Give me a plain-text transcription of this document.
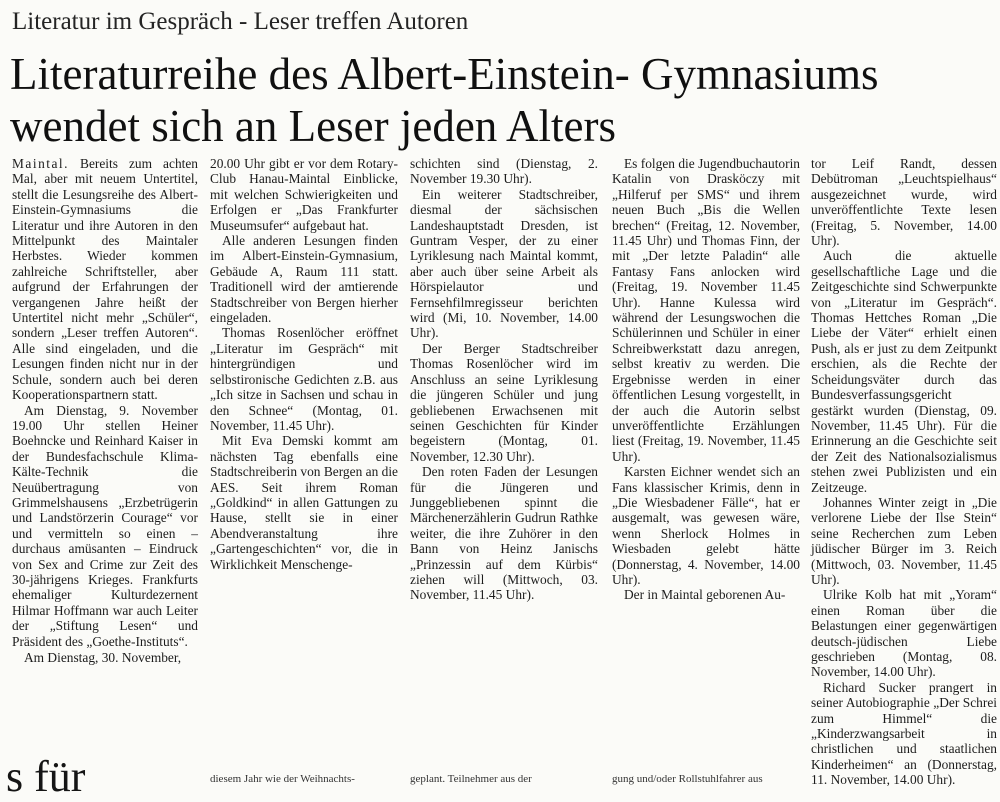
Literatur im Gespräch - Leser treffen Autoren
Literaturreihe des Albert-Einstein- Gymnasiums wendet sich an Leser jeden Alters

Maintal. Bereits zum achten Mal, aber mit neuem Untertitel, stellt die Lesungsreihe des Albert-Einstein-Gymnasiums die Literatur und ihre Autoren in den Mittelpunkt des Maintaler Herbstes. Wieder kommen zahlreiche Schriftsteller, aber aufgrund der Erfahrungen der vergangenen Jahre heißt der Untertitel nicht mehr „Schüler“, sondern „Leser treffen Autoren“. Alle sind eingeladen, und die Lesungen finden nicht nur in der Schule, sondern auch bei deren Kooperationspartnern statt.

Am Dienstag, 9. November 19.00 Uhr stellen Heiner Boehncke und Reinhard Kaiser in der Bundesfachschule Klima-Kälte-Technik die Neuübertragung von Grimmelshausens „Erzbetrügerin und Landstörzerin Courage“ vor und vermitteln so einen – durchaus amüsanten – Eindruck von Sex and Crime zur Zeit des 30-jährigens Krieges. Frankfurts ehemaliger Kulturdezernent Hilmar Hoffmann war auch Leiter der „Stiftung Lesen“ und Präsident des „Goethe-Instituts“.

Am Dienstag, 30. November,

20.00 Uhr gibt er vor dem Rotary-Club Hanau-Maintal Einblicke, mit welchen Schwierigkeiten und Erfolgen er „Das Frankfurter Museumsufer“ aufgebaut hat.

Alle anderen Lesungen finden im Albert-Einstein-Gymnasium, Gebäude A, Raum 111 statt. Traditionell wird der amtierende Stadtschreiber von Bergen hierher eingeladen.

Thomas Rosenlöcher eröffnet „Literatur im Gespräch“ mit hintergründigen und selbstironische Gedichten z.B. aus „Ich sitze in Sachsen und schau in den Schnee“ (Montag, 01. November, 11.45 Uhr).

Mit Eva Demski kommt am nächsten Tag ebenfalls eine Stadtschreiberin von Bergen an die AES. Seit ihrem Roman „Goldkind“ in allen Gattungen zu Hause, stellt sie in einer Abendveranstaltung ihre „Gartengeschichten“ vor, die in Wirklichkeit Menschenge-

schichten sind (Dienstag, 2. November 19.30 Uhr).

Ein weiterer Stadtschreiber, diesmal der sächsischen Landeshauptstadt Dresden, ist Guntram Vesper, der zu einer Lyriklesung nach Maintal kommt, aber auch über seine Arbeit als Hörspielautor und Fernsehfilmregisseur berichten wird (Mi, 10. November, 14.00 Uhr).

Der Berger Stadtschreiber Thomas Rosenlöcher wird im Anschluss an seine Lyriklesung die jüngeren Schüler und jung gebliebenen Erwachsenen mit seinen Geschichten für Kinder begeistern (Montag, 01. November, 12.30 Uhr).

Den roten Faden der Lesungen für die Jüngeren und Junggebliebenen spinnt die Märchenerzählerin Gudrun Rathke weiter, die ihre Zuhörer in den Bann von Heinz Janischs „Prinzessin auf dem Kürbis“ ziehen will (Mittwoch, 03. November, 11.45 Uhr).

Es folgen die Jugendbuchautorin Katalin von Drasköczy mit „Hilferuf per SMS“ und ihrem neuen Buch „Bis die Wellen brechen“ (Freitag, 12. November, 11.45 Uhr) und Thomas Finn, der mit „Der letzte Paladin“ alle Fantasy Fans anlocken wird (Freitag, 19. November 11.45 Uhr). Hanne Kulessa wird während der Lesungswochen die Schülerinnen und Schüler in einer Schreibwerkstatt dazu anregen, selbst kreativ zu werden. Die Ergebnisse werden in einer öffentlichen Lesung vorgestellt, in der auch die Autorin selbst unveröffentlichte Erzählungen liest (Freitag, 19. November, 11.45 Uhr).

Karsten Eichner wendet sich an Fans klassischer Krimis, denn in „Die Wiesbadener Fälle“, hat er ausgemalt, was gewesen wäre, wenn Sherlock Holmes in Wiesbaden gelebt hätte (Donnerstag, 4. November, 14.00 Uhr).

Der in Maintal geborenen Au-

tor Leif Randt, dessen Debütroman „Leuchtspielhaus“ ausgezeichnet wurde, wird unveröffentlichte Texte lesen (Freitag, 5. November, 14.00 Uhr).

Auch die aktuelle gesellschaftliche Lage und die Zeitgeschichte sind Schwerpunkte von „Literatur im Gespräch“. Thomas Hettches Roman „Die Liebe der Väter“ erhielt einen Push, als er just zu dem Zeitpunkt erschien, als die Rechte der Scheidungsväter durch das Bundesverfassungsgericht gestärkt wurden (Dienstag, 09. November, 11.45 Uhr). Für die Erinnerung an die Geschichte seit der Zeit des Nationalsozialismus stehen zwei Publizisten und ein Zeitzeuge.

Johannes Winter zeigt in „Die verlorene Liebe der Ilse Stein“ seine Recherchen zum Leben jüdischer Bürger im 3. Reich (Mittwoch, 03. November, 11.45 Uhr).

Ulrike Kolb hat mit „Yoram“ einen Roman über die Belastungen einer gegenwärtigen deutsch-jüdischen Liebe geschrieben (Montag, 08. November, 14.00 Uhr).

Richard Sucker prangert in seiner Autobiographie „Der Schrei zum Himmel“ die „Kinderzwangsarbeit in christlichen und staatlichen Kinderheimen“ an (Donnerstag, 11. November, 14.00 Uhr).

s für	diesem Jahr wie der Weihnachts-	geplant. Teilnehmer aus der	gung und/oder Rollstuhlfahrer aus
